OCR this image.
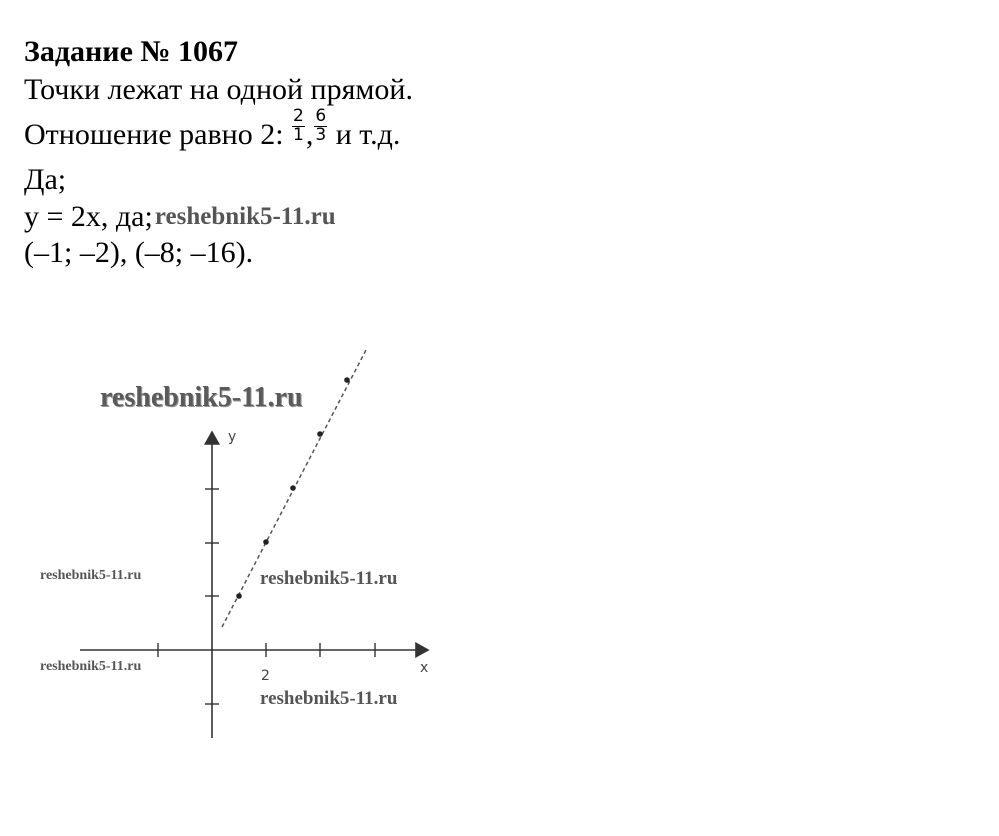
Задание № 1067
Точки лежат на одной прямой.
Отношение равно 2: $\frac{2}{1}$ , $\frac{6}{3}$ и т.д.
Да;
y = 2x, да;reshebnik5-11.ru
(–1; –2), (–8; –16).
y
x
2
reshebnik5-11.ru
reshebnik5-11.ru	reshebnik5-11.ru
reshebnik5-11.ru
reshebnik5-11.ru
